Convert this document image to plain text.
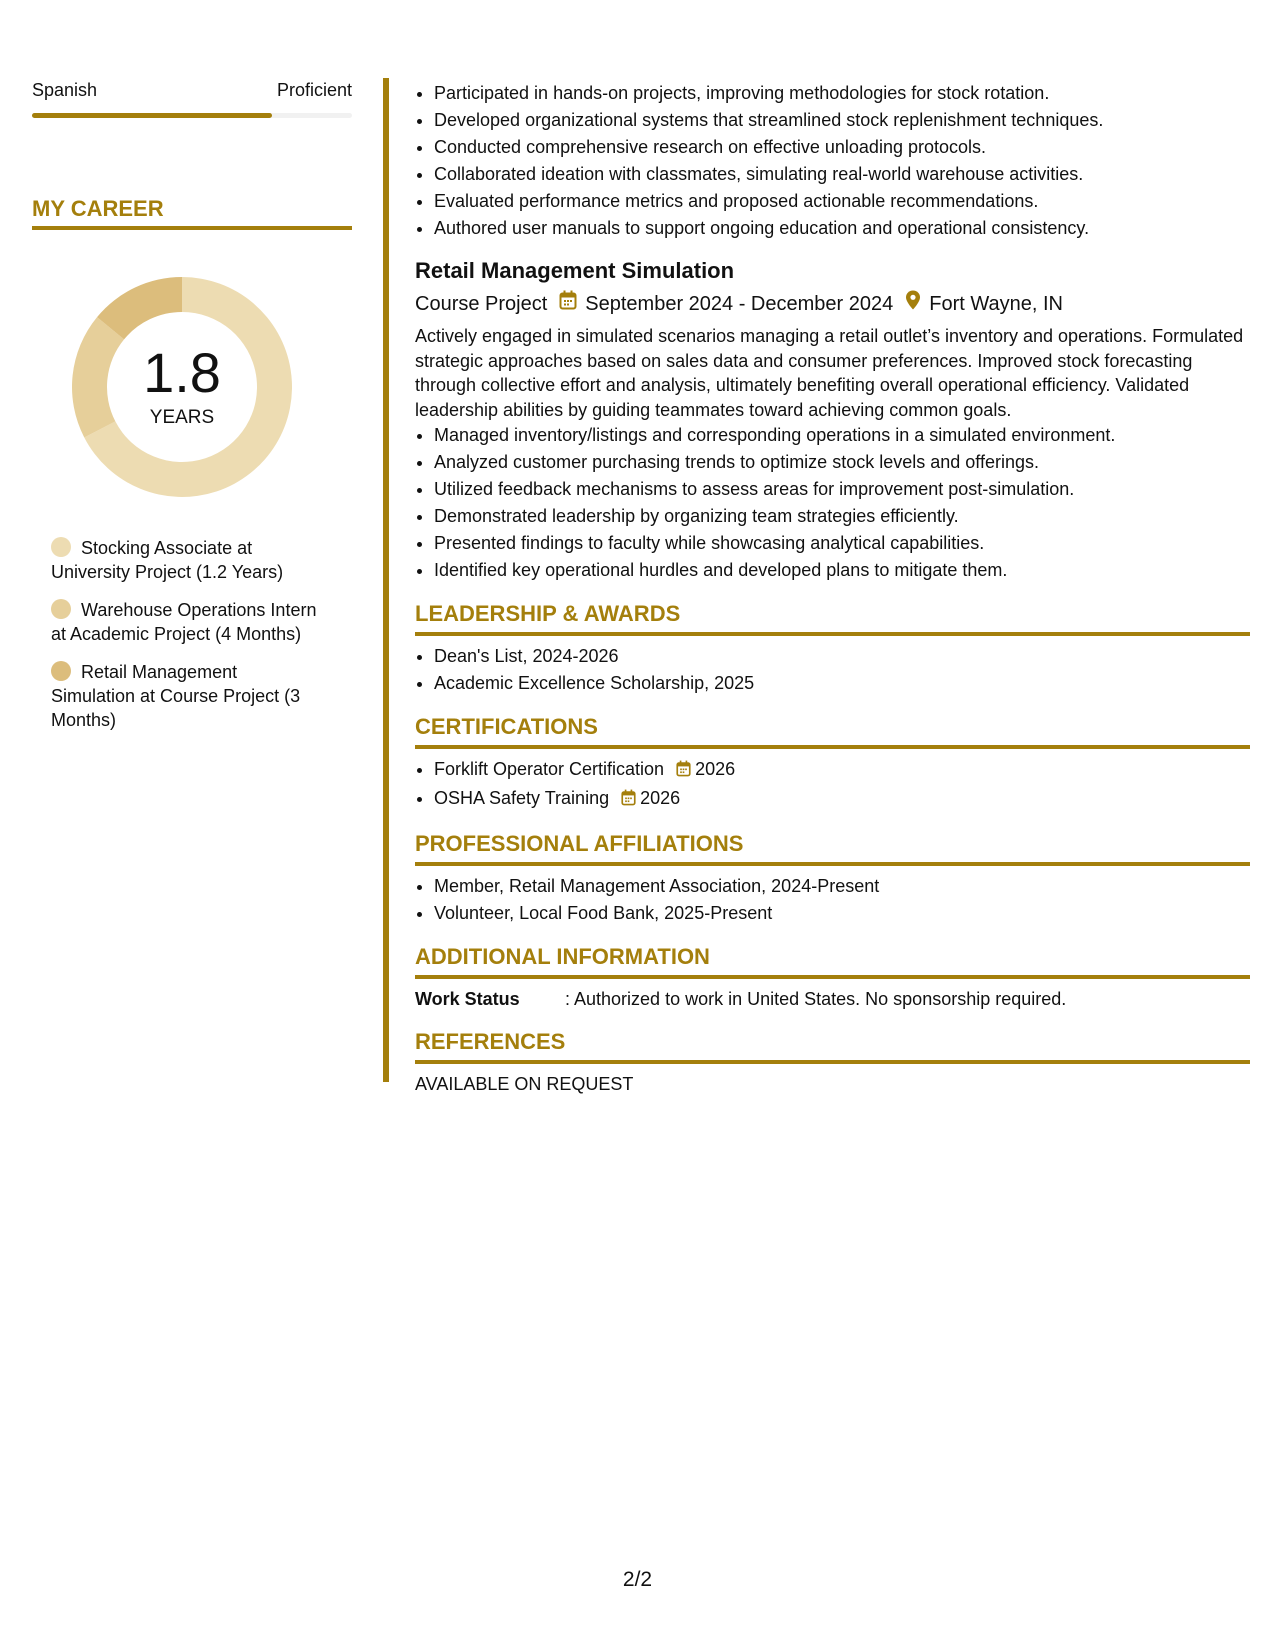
Spanish	Proficient
MY CAREER
1.8
YEARS
Stocking Associate at University Project (1.2 Years)
Warehouse Operations Intern at Academic Project (4 Months)
Retail Management Simulation at Course Project (3 Months)
• Participated in hands-on projects, improving methodologies for stock rotation.
• Developed organizational systems that streamlined stock replenishment techniques.
• Conducted comprehensive research on effective unloading protocols.
• Collaborated ideation with classmates, simulating real-world warehouse activities.
• Evaluated performance metrics and proposed actionable recommendations.
• Authored user manuals to support ongoing education and operational consistency.
Retail Management Simulation
Course Project September 2024 - December 2024 Fort Wayne, IN
Actively engaged in simulated scenarios managing a retail outlet’s inventory and operations. Formulated strategic approaches based on sales data and consumer preferences. Improved stock forecasting through collective effort and analysis, ultimately benefiting overall operational efficiency. Validated leadership abilities by guiding teammates toward achieving common goals.
• Managed inventory/listings and corresponding operations in a simulated environment.
• Analyzed customer purchasing trends to optimize stock levels and offerings.
• Utilized feedback mechanisms to assess areas for improvement post-simulation.
• Demonstrated leadership by organizing team strategies efficiently.
• Presented findings to faculty while showcasing analytical capabilities.
• Identified key operational hurdles and developed plans to mitigate them.
LEADERSHIP & AWARDS
• Dean's List, 2024-2026
• Academic Excellence Scholarship, 2025
CERTIFICATIONS
• Forklift Operator Certification 2026
• OSHA Safety Training 2026
PROFESSIONAL AFFILIATIONS
• Member, Retail Management Association, 2024-Present
• Volunteer, Local Food Bank, 2025-Present
ADDITIONAL INFORMATION
Work Status	: Authorized to work in United States. No sponsorship required.
REFERENCES
AVAILABLE ON REQUEST
2/2
